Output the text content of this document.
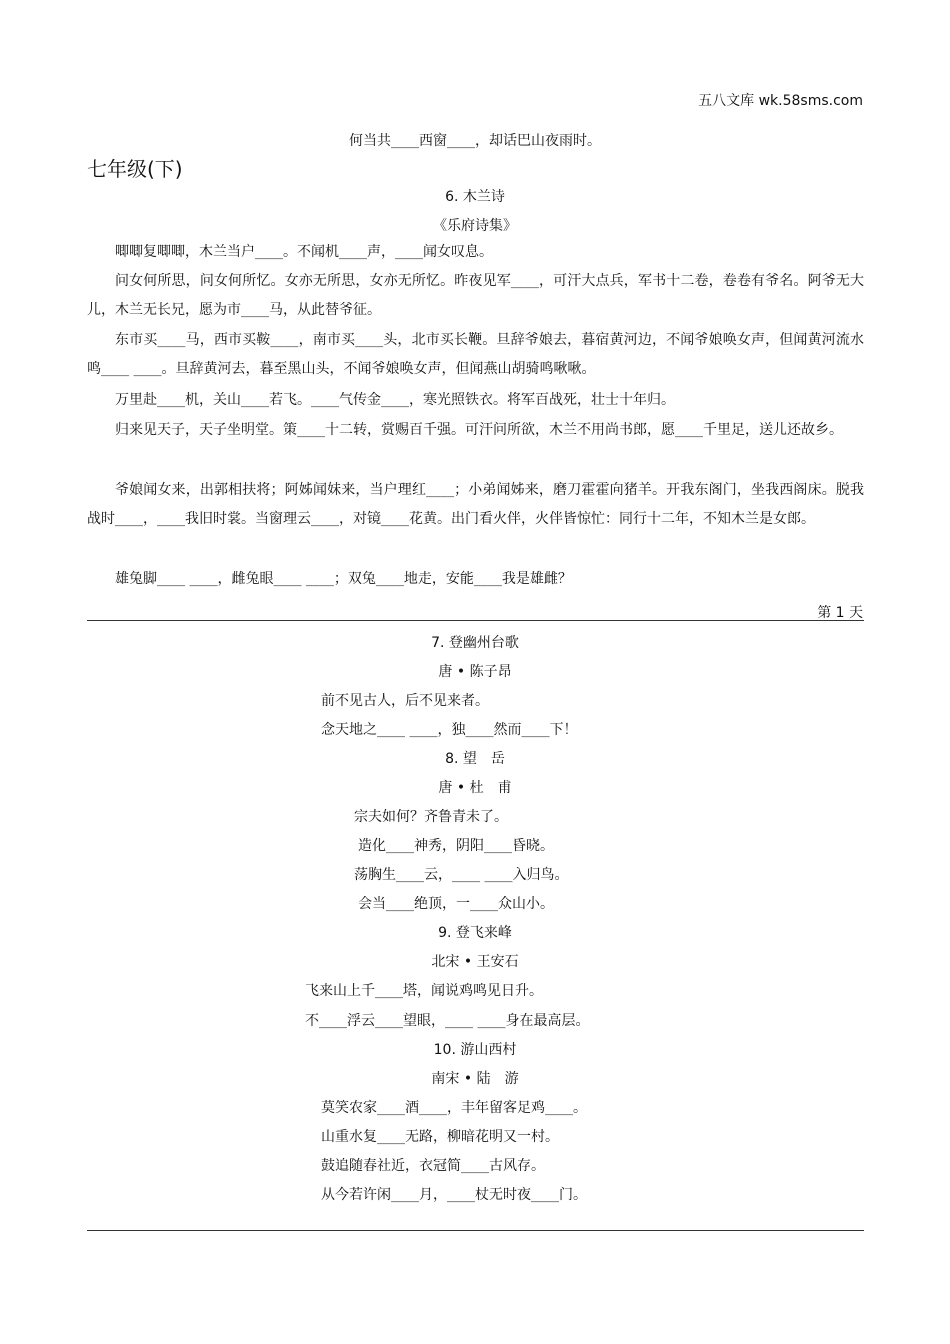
五八文库 wk.58sms.com
何当共____西窗____，却话巴山夜雨时。
七年级(下)
6. 木兰诗
《乐府诗集》
唧唧复唧唧，木兰当户____。不闻机____声，____闻女叹息。
问女何所思，问女何所忆。女亦无所思，女亦无所忆。昨夜见军____，可汗大点兵，军书十二卷，卷卷有爷名。阿爷无大儿，木兰无长兄，愿为市____马，从此替爷征。
东市买____马，西市买鞍____，南市买____头，北市买长鞭。旦辞爷娘去，暮宿黄河边，不闻爷娘唤女声，但闻黄河流水鸣____ ____。旦辞黄河去，暮至黑山头，不闻爷娘唤女声，但闻燕山胡骑鸣啾啾。
万里赴____机，关山____若飞。____气传金____，寒光照铁衣。将军百战死，壮士十年归。
归来见天子，天子坐明堂。策____十二转，赏赐百千强。可汗问所欲，木兰不用尚书郎，愿____千里足，送儿还故乡。
爷娘闻女来，出郭相扶将；阿姊闻妹来，当户理红____；小弟闻姊来，磨刀霍霍向猪羊。开我东阁门，坐我西阁床。脱我战时____，____我旧时裳。当窗理云____，对镜____花黄。出门看火伴，火伴皆惊忙：同行十二年，不知木兰是女郎。
雄兔脚____ ____，雌兔眼____ ____；双兔____地走，安能____我是雄雌？
第 1 天
7. 登幽州台歌
唐 • 陈子昂
前不见古人，后不见来者。
念天地之____ ____，独____然而____下！
8. 望　岳
唐 • 杜　甫
宗夫如何？齐鲁青未了。
造化____神秀，阴阳____昏晓。
荡胸生____云，____ ____入归鸟。
会当____绝顶，一____众山小。
9. 登飞来峰
北宋 • 王安石
飞来山上千____塔，闻说鸡鸣见日升。
不____浮云____望眼，____ ____身在最高层。
10. 游山西村
南宋 • 陆　游
莫笑农家____酒____，丰年留客足鸡____。
山重水复____无路，柳暗花明又一村。
鼓追随春社近，衣冠简____古风存。
从今若许闲____月，____杖无时夜____门。
